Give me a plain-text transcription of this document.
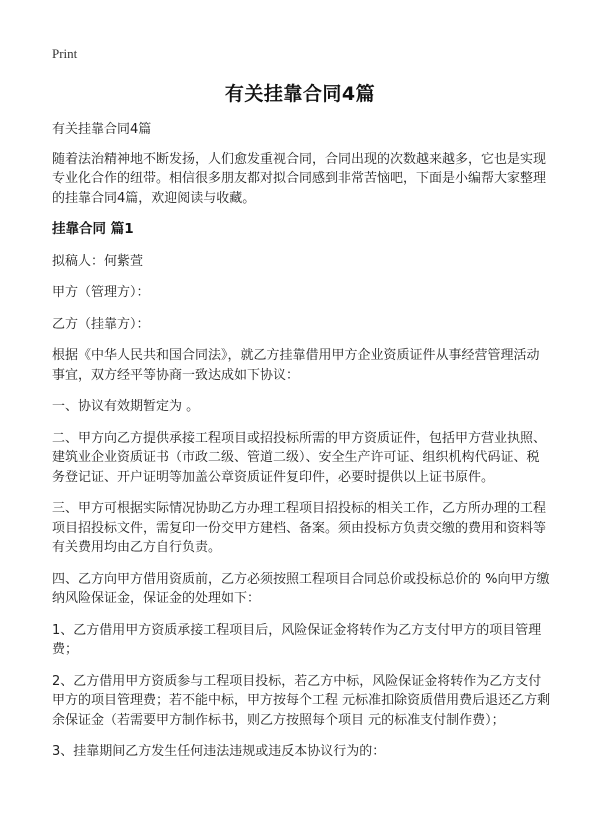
Print
有关挂靠合同4篇

有关挂靠合同4篇

随着法治精神地不断发扬，人们愈发重视合同，合同出现的次数越来越多，它也是实现专业化合作的纽带。相信很多朋友都对拟合同感到非常苦恼吧，下面是小编帮大家整理的挂靠合同4篇，欢迎阅读与收藏。

挂靠合同 篇1

拟稿人：何紫萱

甲方（管理方）：

乙方（挂靠方）：

根据《中华人民共和国合同法》，就乙方挂靠借用甲方企业资质证件从事经营管理活动事宜，双方经平等协商一致达成如下协议：

一、协议有效期暂定为 。

二、甲方向乙方提供承接工程项目或招投标所需的甲方资质证件，包括甲方营业执照、建筑业企业资质证书（市政二级、管道二级）、安全生产许可证、组织机构代码证、税务登记证、开户证明等加盖公章资质证件复印件，必要时提供以上证书原件。

三、甲方可根据实际情况协助乙方办理工程项目招投标的相关工作，乙方所办理的工程项目招投标文件，需复印一份交甲方建档、备案。须由投标方负责交缴的费用和资料等有关费用均由乙方自行负责。

四、乙方向甲方借用资质前，乙方必须按照工程项目合同总价或投标总价的 %向甲方缴纳风险保证金，保证金的处理如下：

1、乙方借用甲方资质承接工程项目后，风险保证金将转作为乙方支付甲方的项目管理费；

2、乙方借用甲方资质参与工程项目投标，若乙方中标，风险保证金将转作为乙方支付甲方的项目管理费；若不能中标，甲方按每个工程 元标准扣除资质借用费后退还乙方剩余保证金（若需要甲方制作标书，则乙方按照每个项目 元的标准支付制作费）；

3、挂靠期间乙方发生任何违法违规或违反本协议行为的：
